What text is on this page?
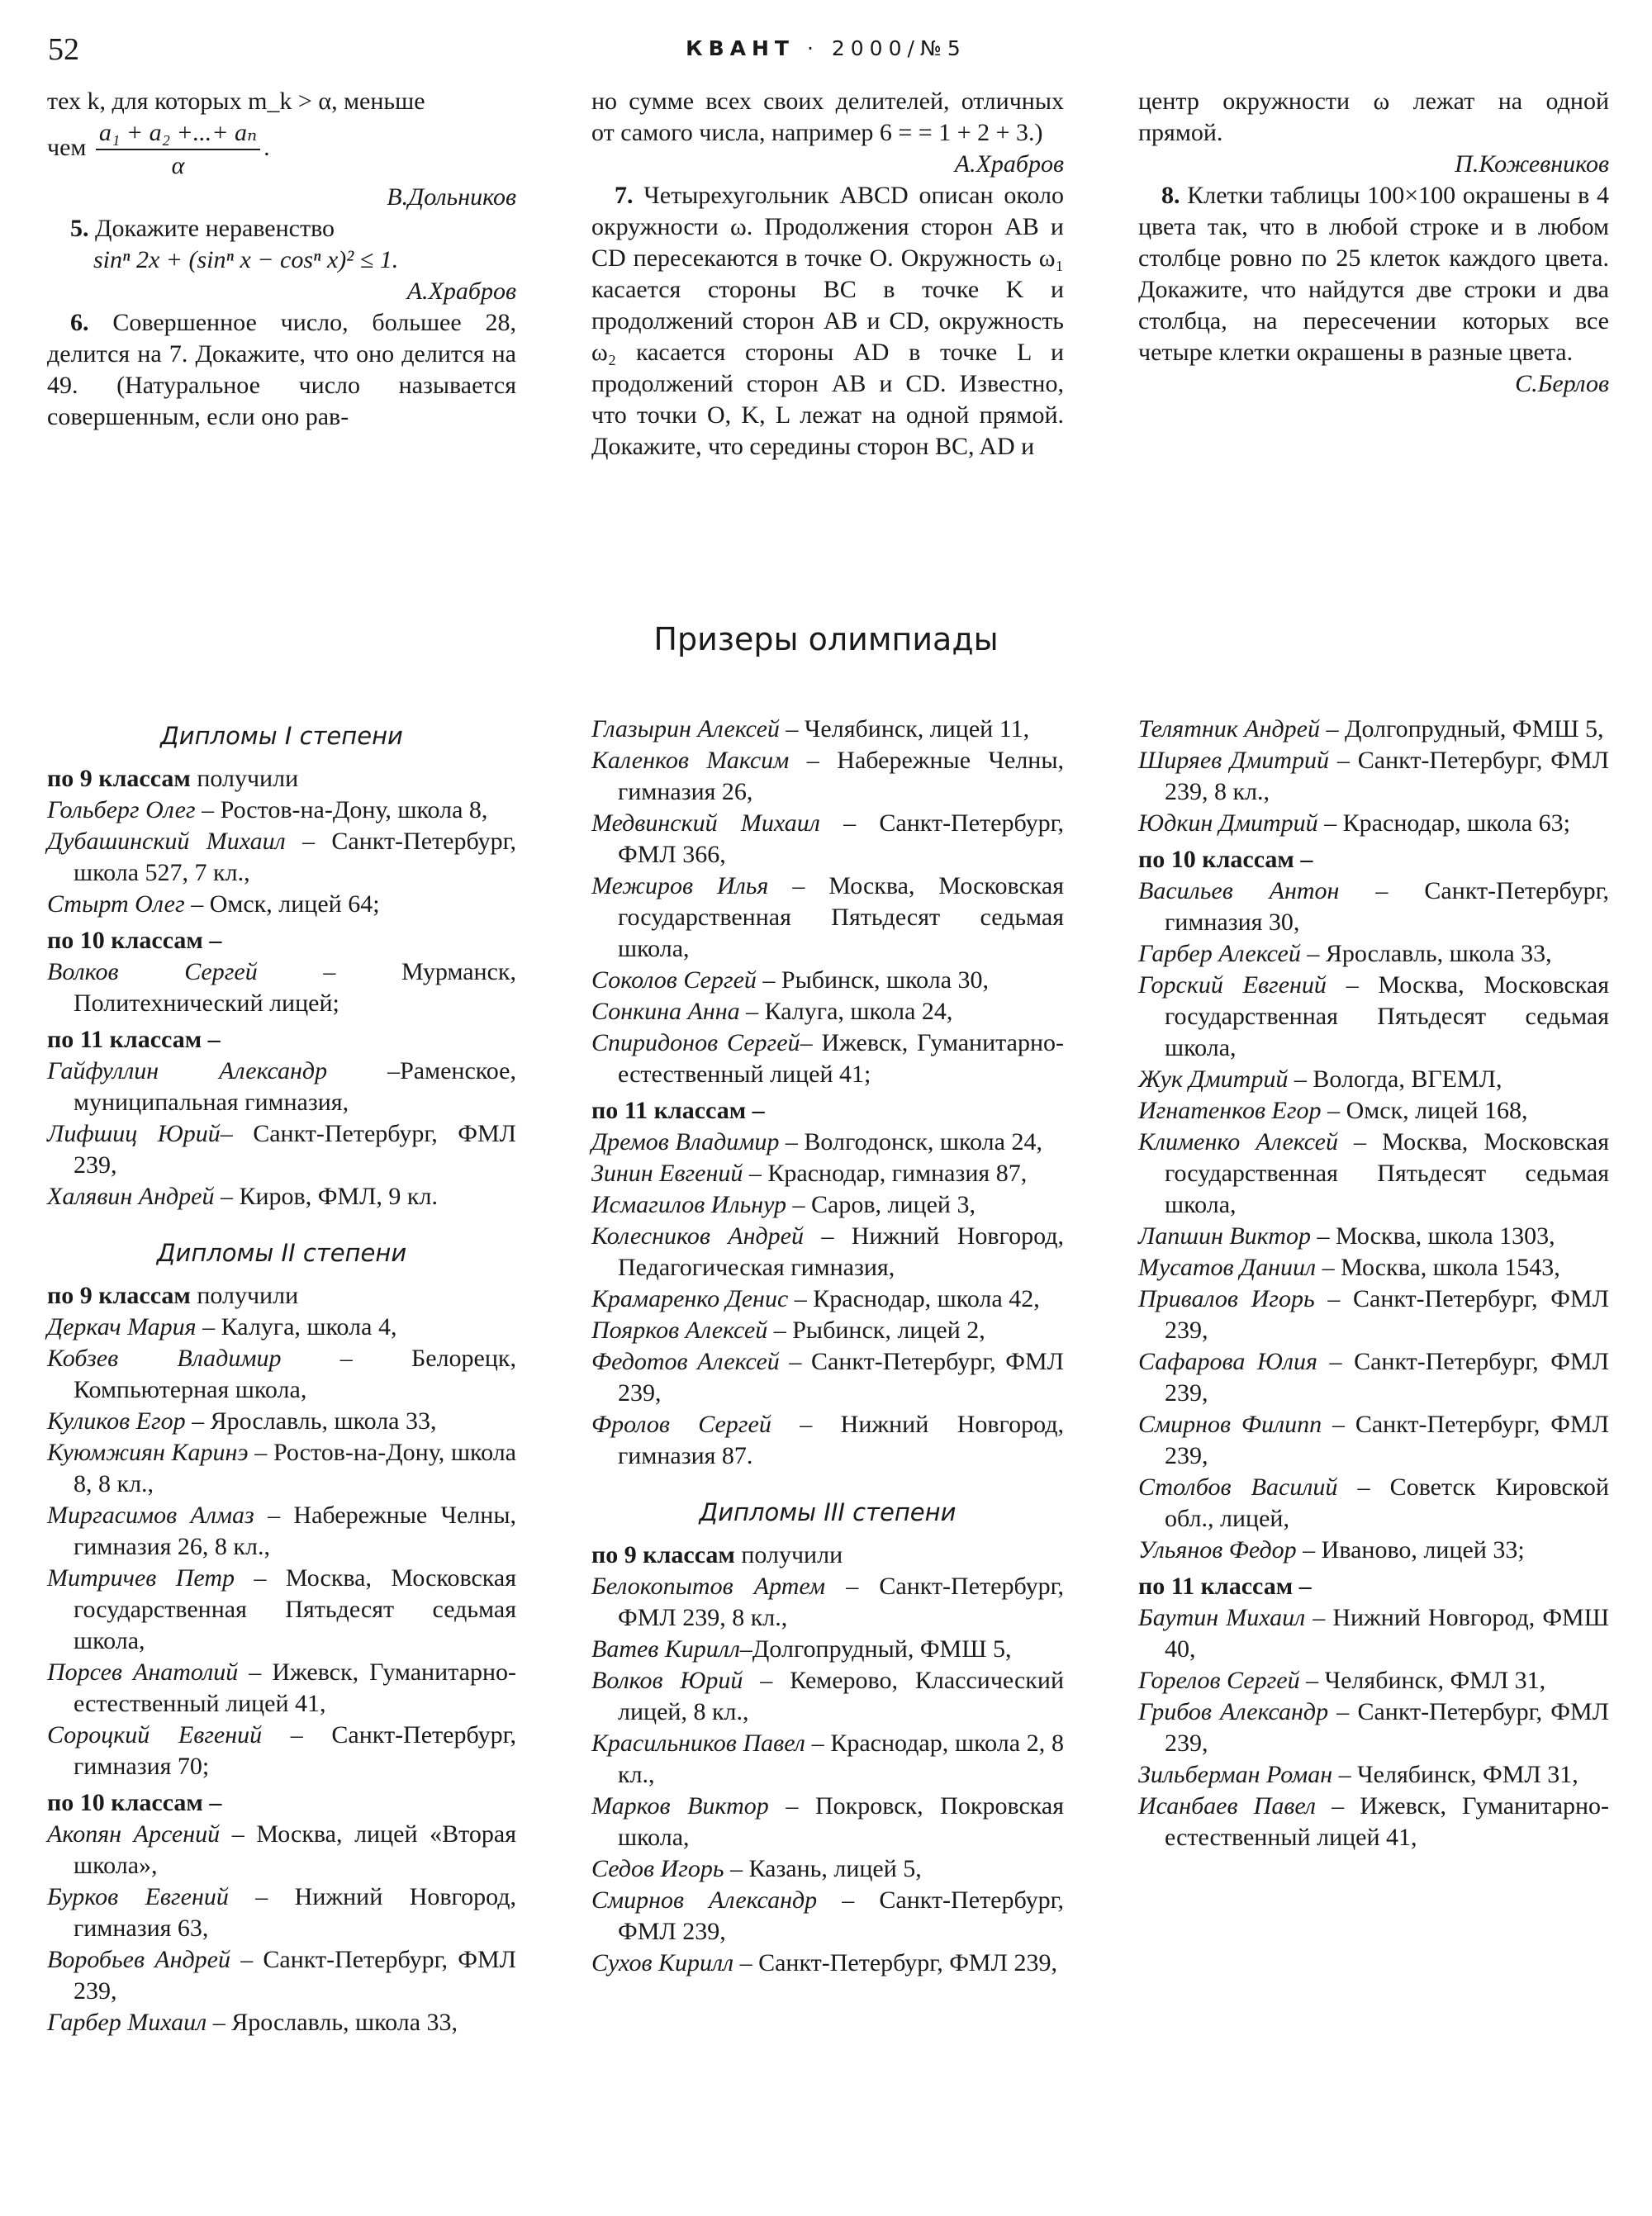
52	КВАНТ · 2000/№5

тех k, для которых m_k > α, меньше

чем $\frac{\text{a₁ + a₂ +...+ aₙ}}{\alpha}$ .

В.Дольников

5. Докажите неравенство

sinⁿ 2x + (sinⁿ x − cosⁿ x)² ≤ 1.

А.Храбров

6. Совершенное число, большее 28, делится на 7. Докажите, что оно делится на 49. (Натуральное число называется совершенным, если оно рав-

но сумме всех своих делителей, отличных от самого числа, например 6 = = 1 + 2 + 3.)

А.Храбров

7. Четырехугольник ABCD описан около окружности ω. Продолжения сторон AB и CD пересекаются в точке O. Окружность ω₁ касается стороны BC в точке K и продолжений сторон AB и CD, окружность ω₂ касается стороны AD в точке L и продолжений сторон AB и CD. Известно, что точки O, K, L лежат на одной прямой. Докажите, что середины сторон BC, AD и

центр окружности ω лежат на одной прямой.

П.Кожевников

8. Клетки таблицы 100×100 окрашены в 4 цвета так, что в любой строке и в любом столбце ровно по 25 клеток каждого цвета. Докажите, что найдутся две строки и два столбца, на пересечении которых все четыре клетки окрашены в разные цвета.

С.Берлов

Призеры олимпиады
Дипломы I степени
по 9 классам получили

Гольберг Олег – Ростов-на-Дону, школа 8,

Дубашинский Михаил – Санкт-Петербург, школа 527, 7 кл.,

Стырт Олег – Омск, лицей 64;

по 10 классам –

Волков Сергей – Мурманск, Политехнический лицей;

по 11 классам –

Гайфуллин Александр –Раменское, муниципальная гимназия,

Лифшиц Юрий– Санкт-Петербург, ФМЛ 239,

Халявин Андрей – Киров, ФМЛ, 9 кл.

Дипломы II степени
по 9 классам получили

Деркач Мария – Калуга, школа 4,

Кобзев Владимир – Белорецк, Компьютерная школа,

Куликов Егор – Ярославль, школа 33,

Куюмжиян Каринэ – Ростов-на-Дону, школа 8, 8 кл.,

Миргасимов Алмаз – Набережные Челны, гимназия 26, 8 кл.,

Митричев Петр – Москва, Московская государственная Пятьдесят седьмая школа,

Порсев Анатолий – Ижевск, Гуманитарно-естественный лицей 41,

Сороцкий Евгений – Санкт-Петербург, гимназия 70;

по 10 классам –

Акопян Арсений – Москва, лицей «Вторая школа»,

Бурков Евгений – Нижний Новгород, гимназия 63,

Воробьев Андрей – Санкт-Петербург, ФМЛ 239,

Гарбер Михаил – Ярославль, школа 33,

Глазырин Алексей – Челябинск, лицей 11,

Каленков Максим – Набережные Челны, гимназия 26,

Медвинский Михаил – Санкт-Петербург, ФМЛ 366,

Межиров Илья – Москва, Московская государственная Пятьдесят седьмая школа,

Соколов Сергей – Рыбинск, школа 30,

Сонкина Анна – Калуга, школа 24,

Спиридонов Сергей– Ижевск, Гуманитарно-естественный лицей 41;

по 11 классам –

Дремов Владимир – Волгодонск, школа 24,

Зинин Евгений – Краснодар, гимназия 87,

Исмагилов Ильнур – Саров, лицей 3,

Колесников Андрей – Нижний Новгород, Педагогическая гимназия,

Крамаренко Денис – Краснодар, школа 42,

Поярков Алексей – Рыбинск, лицей 2,

Федотов Алексей – Санкт-Петербург, ФМЛ 239,

Фролов Сергей – Нижний Новгород, гимназия 87.

Дипломы III степени
по 9 классам получили

Белокопытов Артем – Санкт-Петербург, ФМЛ 239, 8 кл.,

Ватев Кирилл–Долгопрудный, ФМШ 5,

Волков Юрий – Кемерово, Классический лицей, 8 кл.,

Красильников Павел – Краснодар, школа 2, 8 кл.,

Марков Виктор – Покровск, Покровская школа,

Седов Игорь – Казань, лицей 5,

Смирнов Александр – Санкт-Петербург, ФМЛ 239,

Сухов Кирилл – Санкт-Петербург, ФМЛ 239,

Телятник Андрей – Долгопрудный, ФМШ 5,

Ширяев Дмитрий – Санкт-Петербург, ФМЛ 239, 8 кл.,

Юдкин Дмитрий – Краснодар, школа 63;

по 10 классам –

Васильев Антон – Санкт-Петербург, гимназия 30,

Гарбер Алексей – Ярославль, школа 33,

Горский Евгений – Москва, Московская государственная Пятьдесят седьмая школа,

Жук Дмитрий – Вологда, ВГЕМЛ,

Игнатенков Егор – Омск, лицей 168,

Клименко Алексей – Москва, Московская государственная Пятьдесят седьмая школа,

Лапшин Виктор – Москва, школа 1303,

Мусатов Даниил – Москва, школа 1543,

Привалов Игорь – Санкт-Петербург, ФМЛ 239,

Сафарова Юлия – Санкт-Петербург, ФМЛ 239,

Смирнов Филипп – Санкт-Петербург, ФМЛ 239,

Столбов Василий – Советск Кировской обл., лицей,

Ульянов Федор – Иваново, лицей 33;

по 11 классам –

Баутин Михаил – Нижний Новгород, ФМШ 40,

Горелов Сергей – Челябинск, ФМЛ 31,

Грибов Александр – Санкт-Петербург, ФМЛ 239,

Зильберман Роман – Челябинск, ФМЛ 31,

Исанбаев Павел – Ижевск, Гуманитарно-естественный лицей 41,
